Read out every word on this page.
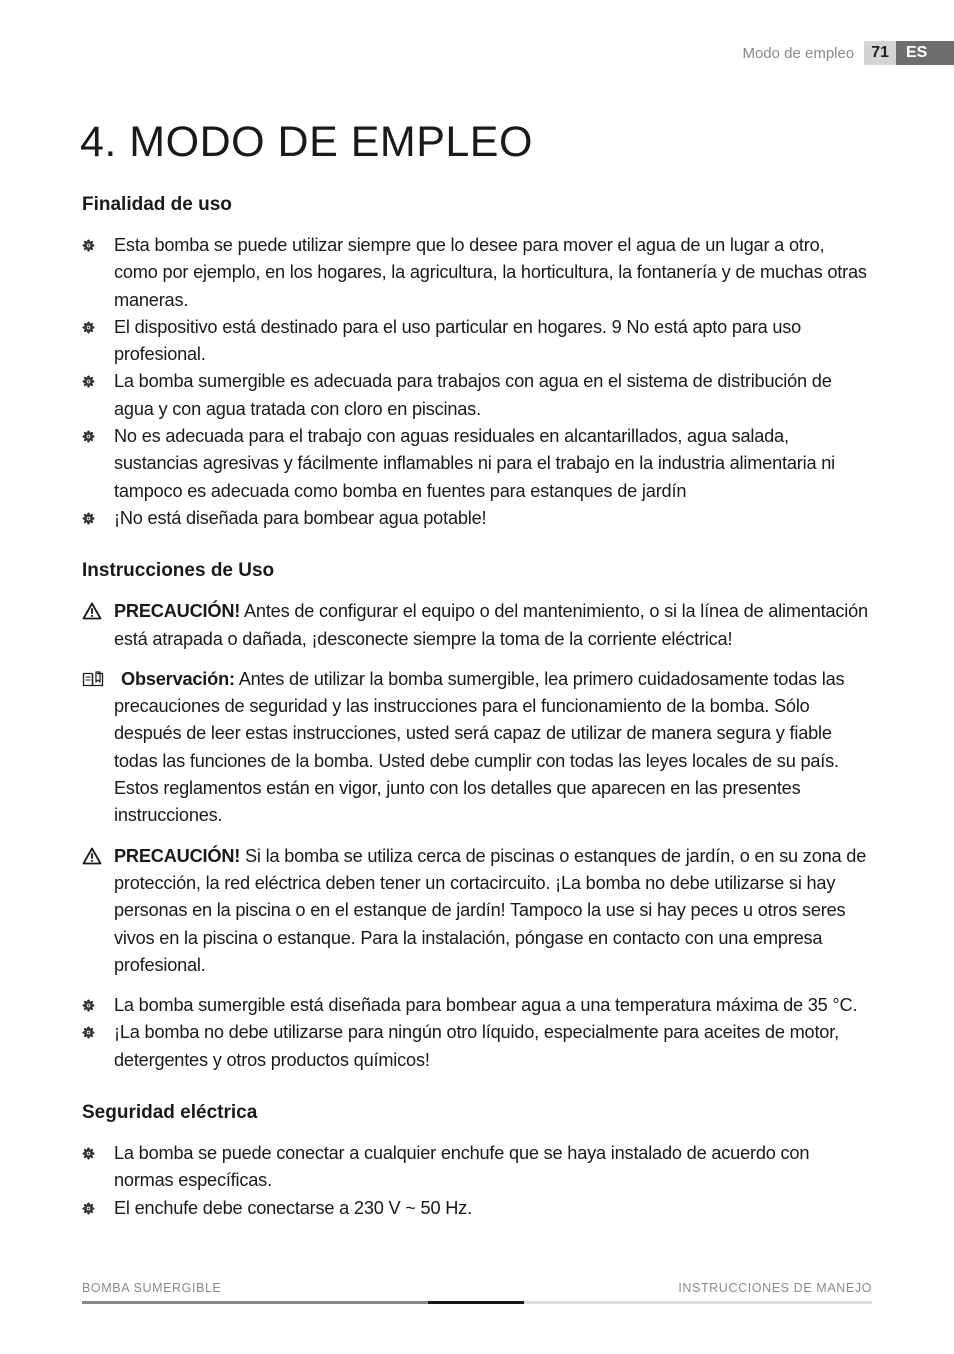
Modo de empleo	71	ES
4. MODO DE EMPLEO
Finalidad de uso
Esta bomba se puede utilizar siempre que lo desee para mover el agua de un lugar a otro, como por ejemplo, en los hogares, la agricultura, la horticultura, la fontanería y de muchas otras maneras.
El dispositivo está destinado para el uso particular en hogares. 9 No está apto para uso profesional.
La bomba sumergible es adecuada para trabajos con agua en el sistema de distribución de agua y con agua tratada con cloro en piscinas.
No es adecuada para el trabajo con aguas residuales en alcantarillados, agua salada, sustancias agresivas y fácilmente inflamables ni para el trabajo en la industria alimentaria ni tampoco es adecuada como bomba en fuentes para estanques de jardín
¡No está diseñada para bombear agua potable!
Instrucciones de Uso
PRECAUCIÓN! Antes de configurar el equipo o del mantenimiento, o si la línea de alimentación está atrapada o dañada, ¡desconecte siempre la toma de la corriente eléctrica!
Observación: Antes de utilizar la bomba sumergible, lea primero cuidadosamente todas las precauciones de seguridad y las instrucciones para el funcionamiento de la bomba. Sólo después de leer estas instrucciones, usted será capaz de utilizar de manera segura y fiable todas las funciones de la bomba. Usted debe cumplir con todas las leyes locales de su país. Estos reglamentos están en vigor, junto con los detalles que aparecen en las presentes instrucciones.
PRECAUCIÓN! Si la bomba se utiliza cerca de piscinas o estanques de jardín, o en su zona de protección, la red eléctrica deben tener un cortacircuito. ¡La bomba no debe utilizarse si hay personas en la piscina o en el estanque de jardín! Tampoco la use si hay peces u otros seres vivos en la piscina o estanque. Para la instalación, póngase en contacto con una empresa profesional.
La bomba sumergible está diseñada para bombear agua a una temperatura máxima de 35 °C.
¡La bomba no debe utilizarse para ningún otro líquido, especialmente para aceites de motor, detergentes y otros productos químicos!
Seguridad eléctrica
La bomba se puede conectar a cualquier enchufe que se haya instalado de acuerdo con normas específicas.
El enchufe debe conectarse a 230 V ~ 50 Hz.
BOMBA SUMERGIBLE	INSTRUCCIONES DE MANEJO
